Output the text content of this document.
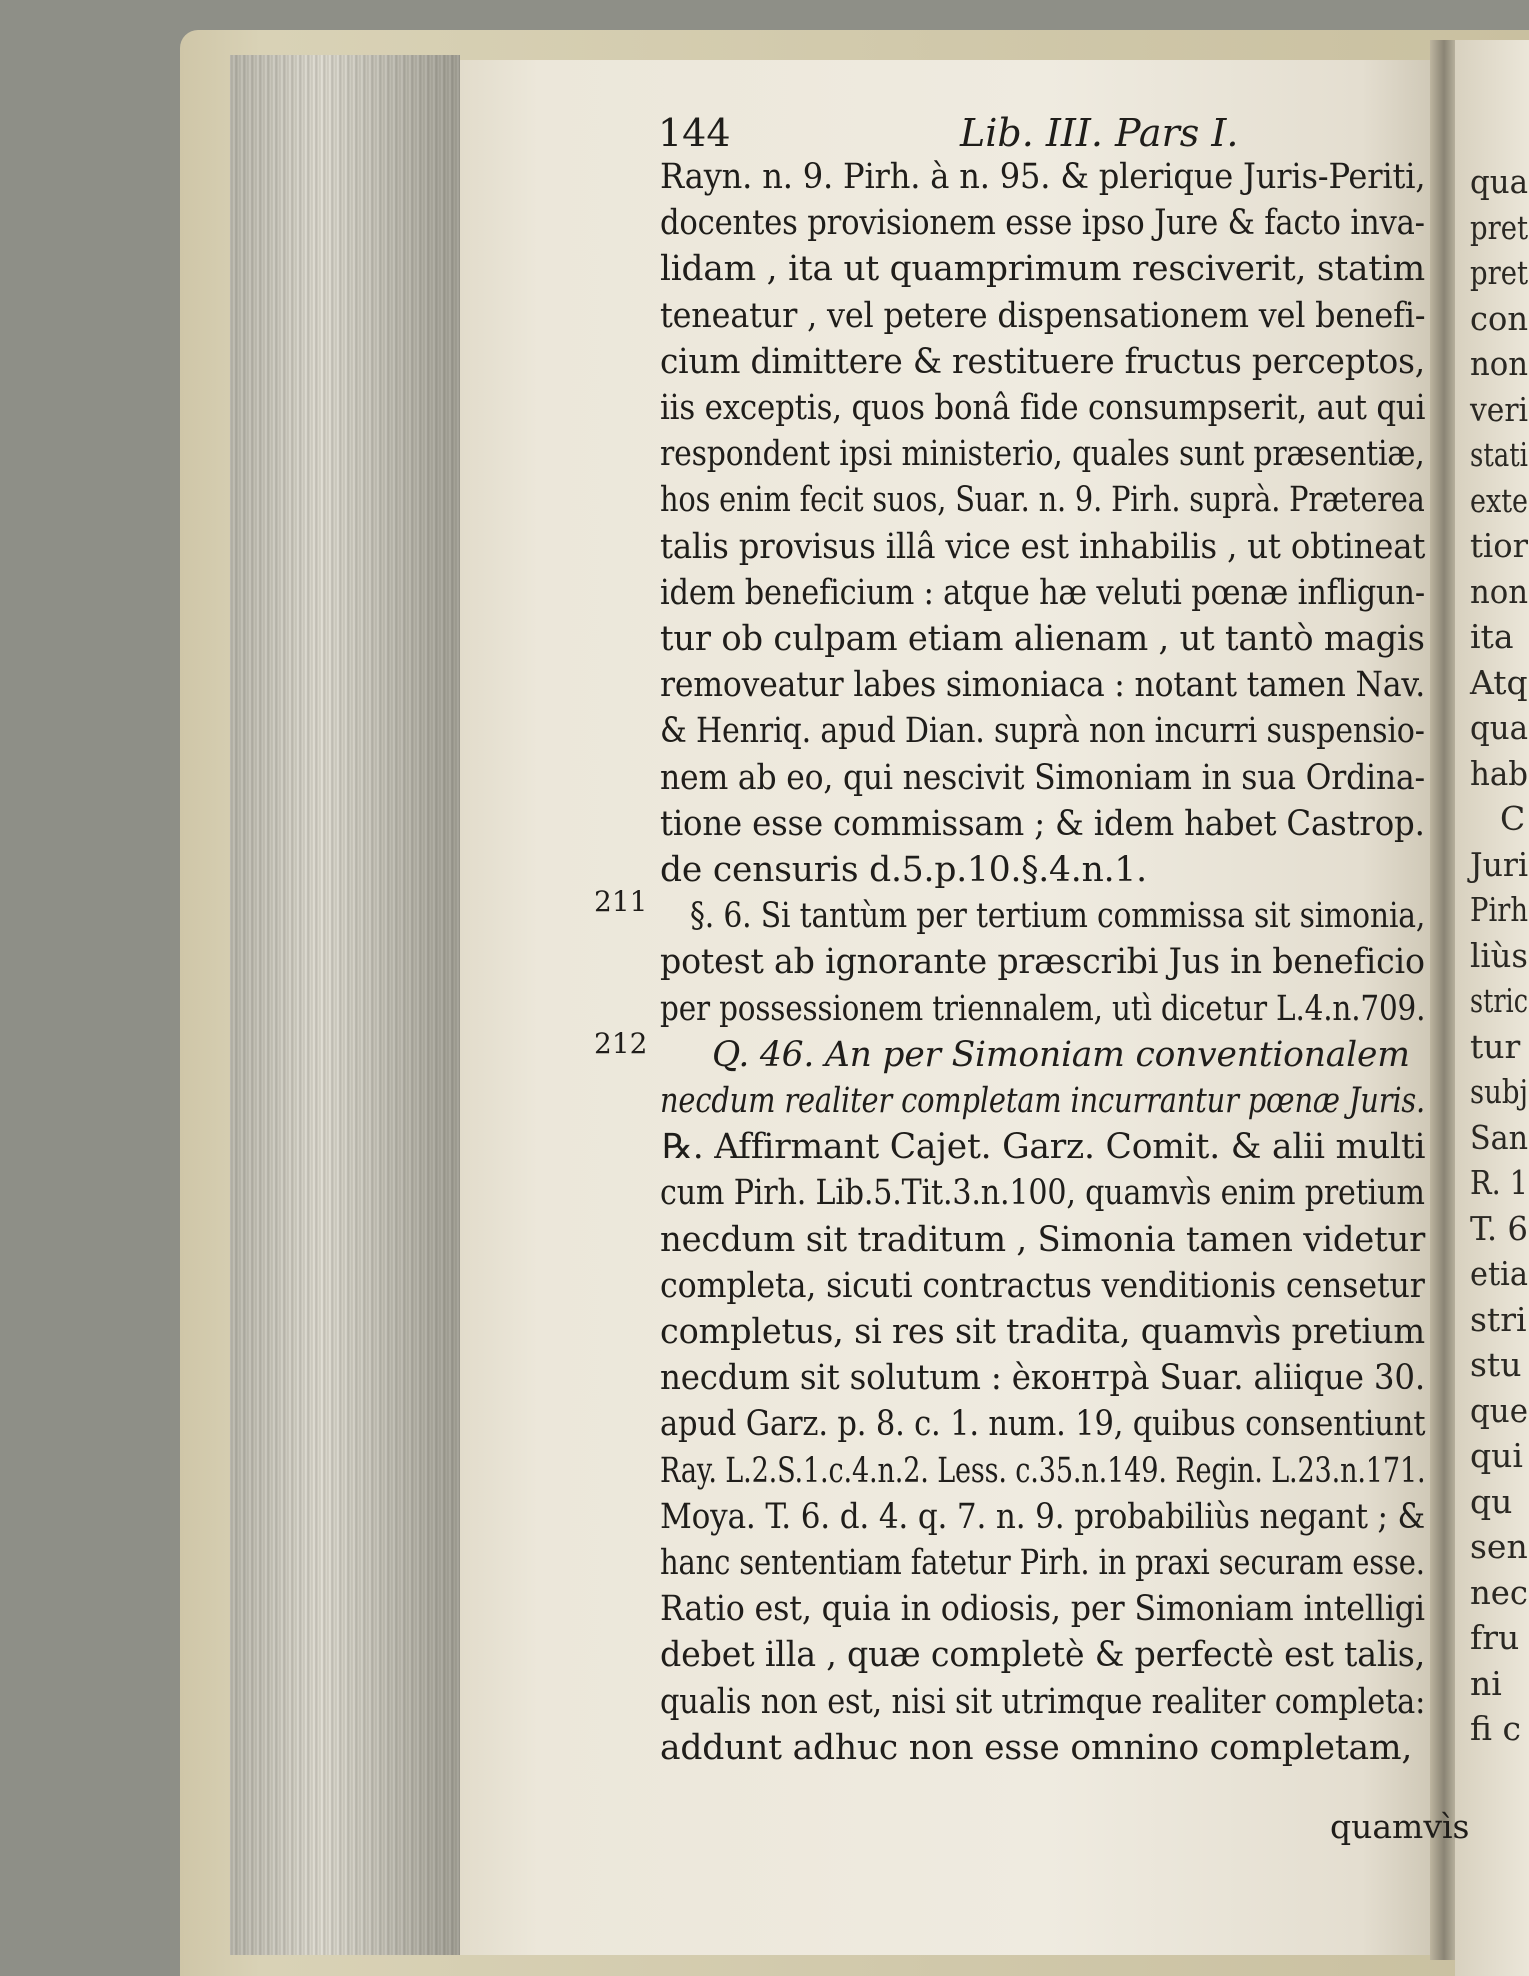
144	Lib. III. Pars I.
Rayn. n. 9. Pirh. à n. 95. & plerique Juris-Periti,
docentes provisionem esse ipso Jure & facto inva-
lidam , ita ut quamprimum resciverit, statim
teneatur , vel petere dispensationem vel benefi-
cium dimittere & restituere fructus perceptos,
iis exceptis, quos bonâ fide consumpserit, aut qui
respondent ipsi ministerio, quales sunt præsentiæ,
hos enim fecit suos, Suar. n. 9. Pirh. suprà. Præterea
talis provisus illâ vice est inhabilis , ut obtineat
idem beneficium : atque hæ veluti pœnæ infligun-
tur ob culpam etiam alienam , ut tantò magis
removeatur labes simoniaca : notant tamen Nav.
& Henriq. apud Dian. suprà non incurri suspensio-
nem ab eo, qui nescivit Simoniam in sua Ordina-
tione esse commissam ; & idem habet Castrop.
de censuris d.5.p.10.§.4.n.1.
§. 6. Si tantùm per tertium commissa sit simonia,
potest ab ignorante præscribi Jus in beneficio
per possessionem triennalem, utì dicetur L.4.n.709.
Q. 46. An per Simoniam conventionalem
necdum realiter completam incurrantur pœnæ Juris.
℞. Affirmant Cajet. Garz. Comit. & alii multi
cum Pirh. Lib.5.Tit.3.n.100, quamvìs enim pretium
necdum sit traditum , Simonia tamen videtur
completa, sicuti contractus venditionis censetur
completus, si res sit tradita, quamvìs pretium
necdum sit solutum : èконтрà Suar. aliique 30.
apud Garz. p. 8. c. 1. num. 19, quibus consentiunt
Ray. L.2.S.1.c.4.n.2. Less. c.35.n.149. Regin. L.23.n.171.
Moya. T. 6. d. 4. q. 7. n. 9. probabiliùs negant ; &
hanc sententiam fatetur Pirh. in praxi securam esse.
Ratio est, quia in odiosis, per Simoniam intelligi
debet illa , quæ completè & perfectè est talis,
qualis non est, nisi sit utrimque realiter completa:
addunt adhuc non esse omnino completam,
211
212
quamvìs
qua
pret
pret
con
non
veri
stati
exte
tior
non
ita
Atq
qua
hab
C
Juri
Pirh
liùs
stric
tur
subj
San
R. 1
T. 6
etia
stri
stu
que
qui
qu
sen
nec
fru
ni
fi c
